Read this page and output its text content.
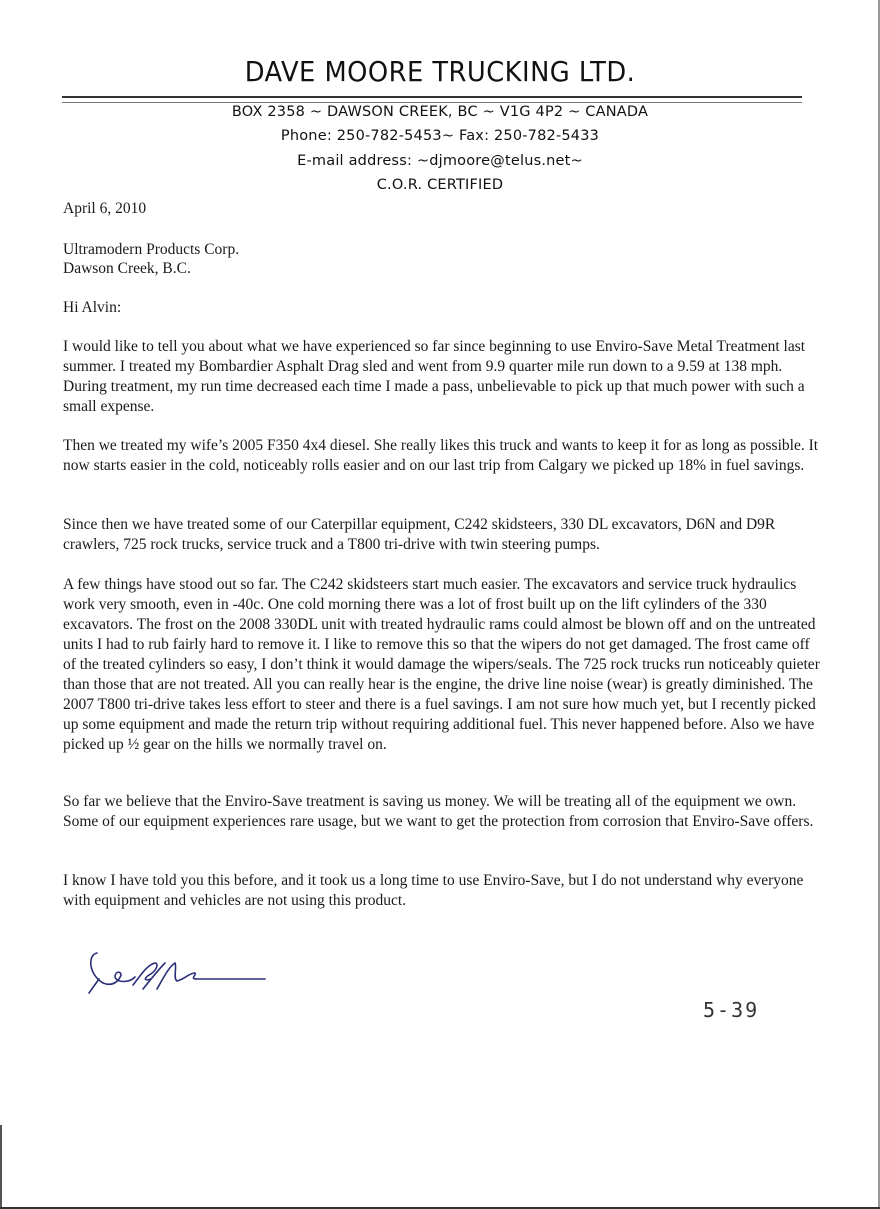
DAVE MOORE TRUCKING LTD.
BOX 2358 ~ DAWSON CREEK, BC ~ V1G 4P2 ~ CANADA
Phone: 250-782-5453~ Fax: 250-782-5433
E-mail address: ~djmoore@telus.net~
C.O.R. CERTIFIED
April 6, 2010
Ultramodern Products Corp.
Dawson Creek, B.C.
Hi Alvin:

I would like to tell you about what we have experienced so far since beginning to use Enviro-Save Metal Treatment last summer. I treated my Bombardier Asphalt Drag sled and went from 9.9 quarter mile run down to a 9.59 at 138 mph. During treatment, my run time decreased each time I made a pass, unbelievable to pick up that much power with such a small expense.

Then we treated my wife’s 2005 F350 4x4 diesel. She really likes this truck and wants to keep it for as long as possible. It now starts easier in the cold, noticeably rolls easier and on our last trip from Calgary we picked up 18% in fuel savings.

Since then we have treated some of our Caterpillar equipment, C242 skidsteers, 330 DL excavators, D6N and D9R crawlers, 725 rock trucks, service truck and a T800 tri-drive with twin steering pumps.

A few things have stood out so far. The C242 skidsteers start much easier. The excavators and service truck hydraulics work very smooth, even in -40c. One cold morning there was a lot of frost built up on the lift cylinders of the 330 excavators. The frost on the 2008 330DL unit with treated hydraulic rams could almost be blown off and on the untreated units I had to rub fairly hard to remove it. I like to remove this so that the wipers do not get damaged. The frost came off of the treated cylinders so easy, I don’t think it would damage the wipers/seals. The 725 rock trucks run noticeably quieter than those that are not treated. All you can really hear is the engine, the drive line noise (wear) is greatly diminished. The 2007 T800 tri-drive takes less effort to steer and there is a fuel savings. I am not sure how much yet, but I recently picked up some equipment and made the return trip without requiring additional fuel. This never happened before. Also we have picked up ½ gear on the hills we normally travel on.

So far we believe that the Enviro-Save treatment is saving us money. We will be treating all of the equipment we own. Some of our equipment experiences rare usage, but we want to get the protection from corrosion that Enviro-Save offers.

I know I have told you this before, and it took us a long time to use Enviro-Save, but I do not understand why everyone with equipment and vehicles are not using this product.

5-39
